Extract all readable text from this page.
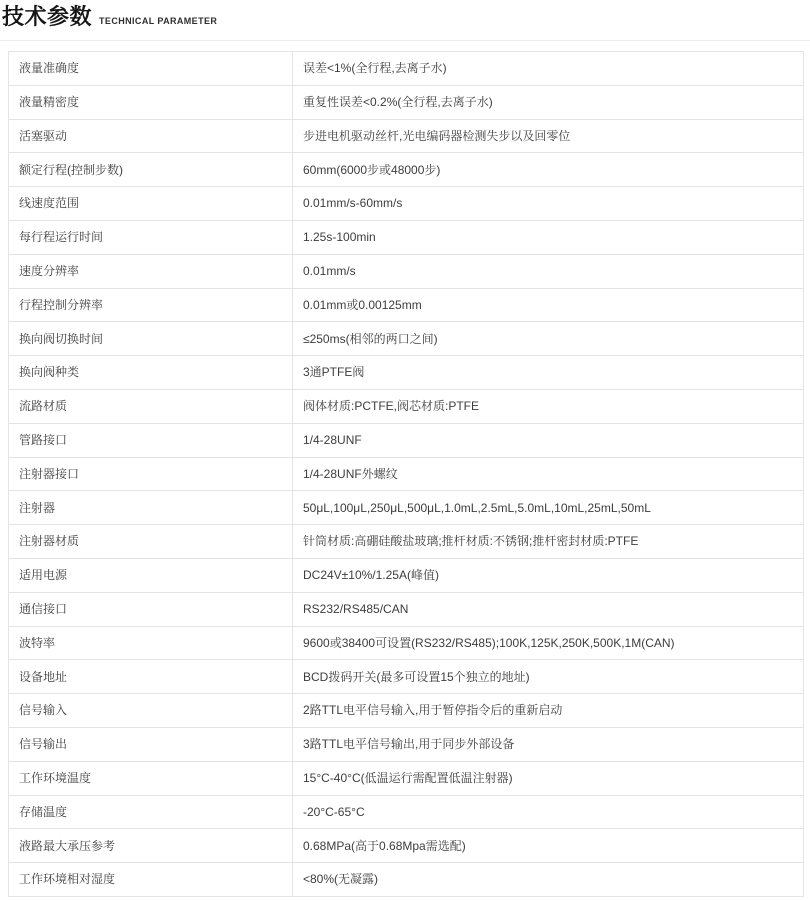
技术参数 TECHNICAL PARAMETER
液量准确度	误差<1%(全行程,去离子水)
液量精密度	重复性误差<0.2%(全行程,去离子水)
活塞驱动	步进电机驱动丝杆,光电编码器检测失步以及回零位
额定行程(控制步数)	60mm(6000步或48000步)
线速度范围	0.01mm/s-60mm/s
每行程运行时间	1.25s-100min
速度分辨率	0.01mm/s
行程控制分辨率	0.01mm或0.00125mm
换向阀切换时间	≤250ms(相邻的两口之间)
换向阀种类	3通PTFE阀
流路材质	阀体材质:PCTFE,阀芯材质:PTFE
管路接口	1/4-28UNF
注射器接口	1/4-28UNF外螺纹
注射器	50μL,100μL,250μL,500μL,1.0mL,2.5mL,5.0mL,10mL,25mL,50mL
注射器材质	针筒材质:高硼硅酸盐玻璃;推杆材质:不锈钢;推杆密封材质:PTFE
适用电源	DC24V±10%/1.25A(峰值)
通信接口	RS232/RS485/CAN
波特率	9600或38400可设置(RS232/RS485);100K,125K,250K,500K,1M(CAN)
设备地址	BCD拨码开关(最多可设置15个独立的地址)
信号输入	2路TTL电平信号输入,用于暂停指令后的重新启动
信号输出	3路TTL电平信号输出,用于同步外部设备
工作环境温度	15°C-40°C(低温运行需配置低温注射器)
存储温度	-20°C-65°C
液路最大承压参考	0.68MPa(高于0.68Mpa需选配)
工作环境相对湿度	<80%(无凝露)
